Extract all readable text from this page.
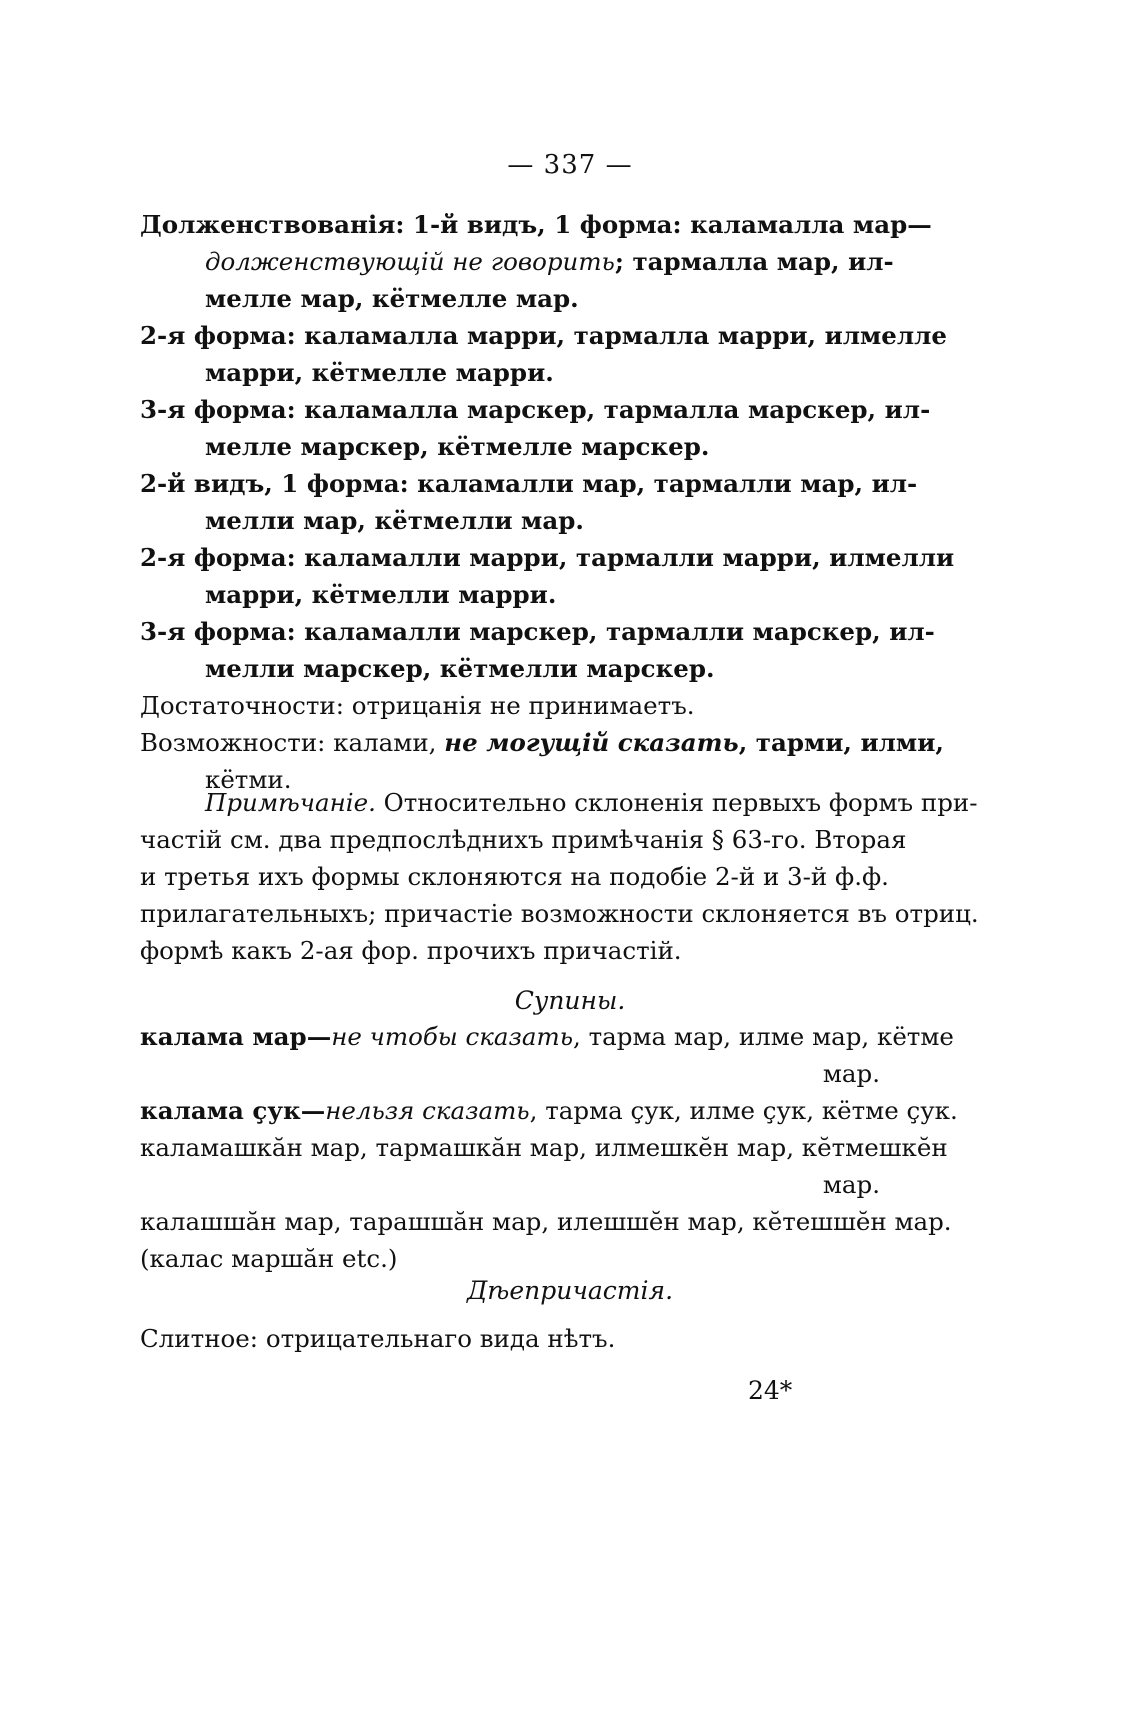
— 337 —
Долженствованія: 1-й видъ, 1 форма: каламалла мар—
долженствующій не говорить; тармалла мар, ил-
мелле мар, кётмелле мар.
2-я форма: каламалла марри, тармалла марри, илмелле
марри, кётмелле марри.
3-я форма: каламалла марскер, тармалла марскер, ил-
мелле марскер, кётмелле марскер.
2-й видъ, 1 форма: каламалли мар, тармалли мар, ил-
мелли мар, кётмелли мар.
2-я форма: каламалли марри, тармалли марри, илмелли
марри, кётмелли марри.
3-я форма: каламалли марскер, тармалли марскер, ил-
мелли марскер, кётмелли марскер.
Достаточности: отрицанія не принимаетъ.
Возможности: калами, не могущій сказать, тарми, илми,
кётми.
Примѣчаніе. Относительно склоненія первыхъ формъ при-
частій см. два предпослѣднихъ примѣчанія § 63-го. Вторая
и третья ихъ формы склоняются на подобіе 2-й и 3-й ф.ф.
прилагательныхъ; причастіе возможности склоняется въ отриц.
формѣ какъ 2-ая фор. прочихъ причастій.
Супины.
калама мар—не чтобы сказать, тарма мар, илме мар, кётме
мар.
калама çук—нельзя сказать, тарма çук, илме çук, кётме çук.
каламашкăн мар, тармашкăн мар, илмешкĕн мар, кĕтмешкĕн
мар.
калашшăн мар, тарашшăн мар, илешшĕн мар, кĕтешшĕн мар.
(калас маршăн etc.)
Дѣепричастія.
Слитное: отрицательнаго вида нѣтъ.
24*
